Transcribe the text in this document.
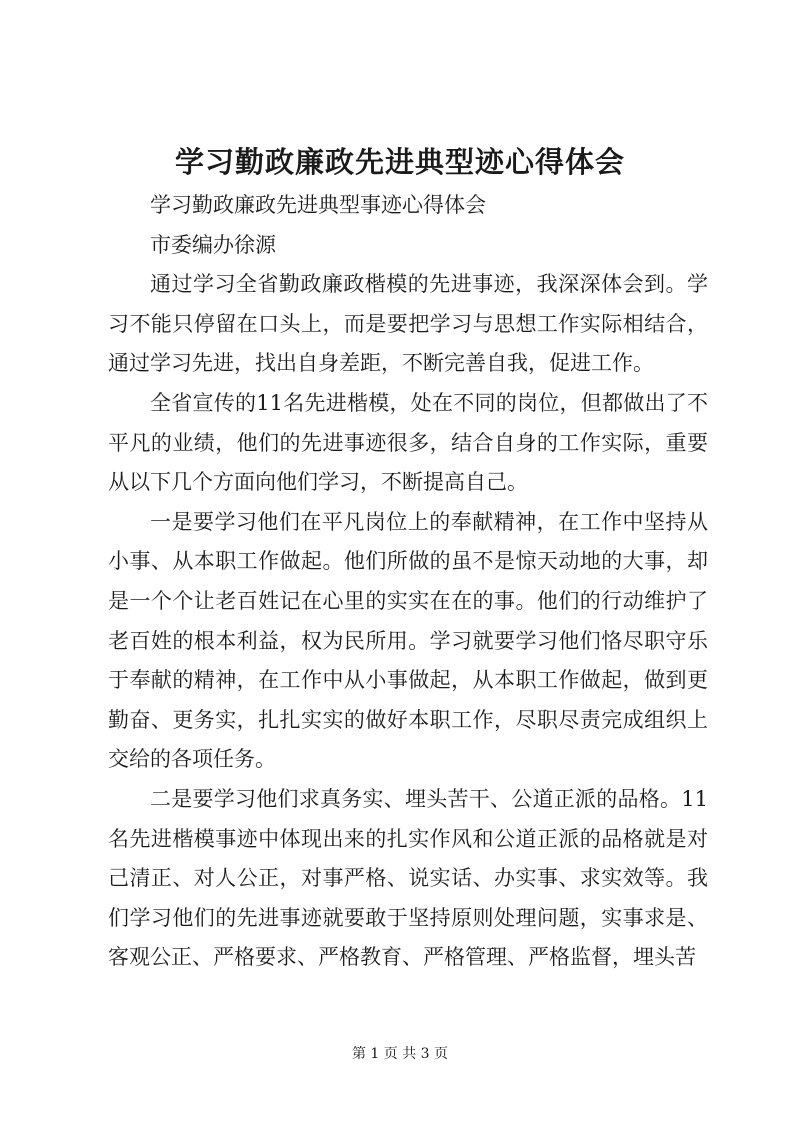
学习勤政廉政先进典型迹心得体会

学习勤政廉政先进典型事迹心得体会

市委编办徐源

通过学习全省勤政廉政楷模的先进事迹，我深深体会到。学习不能只停留在口头上，而是要把学习与思想工作实际相结合，通过学习先进，找出自身差距，不断完善自我，促进工作。

全省宣传的11名先进楷模，处在不同的岗位，但都做出了不平凡的业绩，他们的先进事迹很多，结合自身的工作实际，重要从以下几个方面向他们学习，不断提高自己。

一是要学习他们在平凡岗位上的奉献精神，在工作中坚持从小事、从本职工作做起。他们所做的虽不是惊天动地的大事，却是一个个让老百姓记在心里的实实在在的事。他们的行动维护了老百姓的根本利益，权为民所用。学习就要学习他们恪尽职守乐于奉献的精神，在工作中从小事做起，从本职工作做起，做到更勤奋、更务实，扎扎实实的做好本职工作，尽职尽责完成组织上交给的各项任务。

二是要学习他们求真务实、埋头苦干、公道正派的品格。11名先进楷模事迹中体现出来的扎实作风和公道正派的品格就是对己清正、对人公正，对事严格、说实话、办实事、求实效等。我们学习他们的先进事迹就要敢于坚持原则处理问题，实事求是、客观公正、严格要求、严格教育、严格管理、严格监督，埋头苦

第 1 页 共 3 页
